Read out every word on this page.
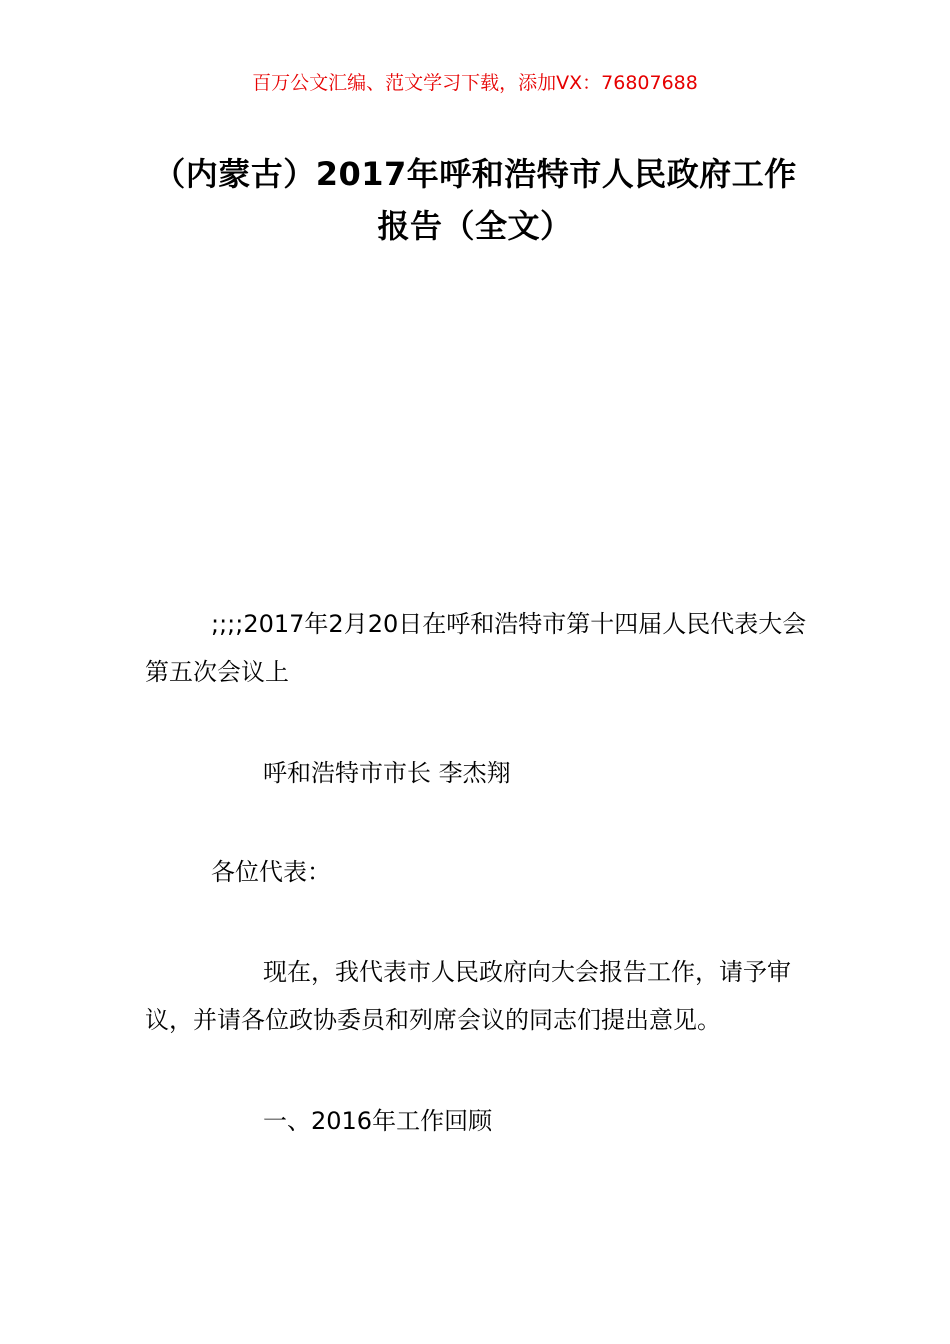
百万公文汇编、范文学习下载，添加VX：76807688
（内蒙古）2017年呼和浩特市人民政府工作报告（全文）

;;;;2017年2月20日在呼和浩特市第十四届人民代表大会第五次会议上

呼和浩特市市长 李杰翔

各位代表：

现在，我代表市人民政府向大会报告工作，请予审议，并请各位政协委员和列席会议的同志们提出意见。

一、2016年工作回顾
